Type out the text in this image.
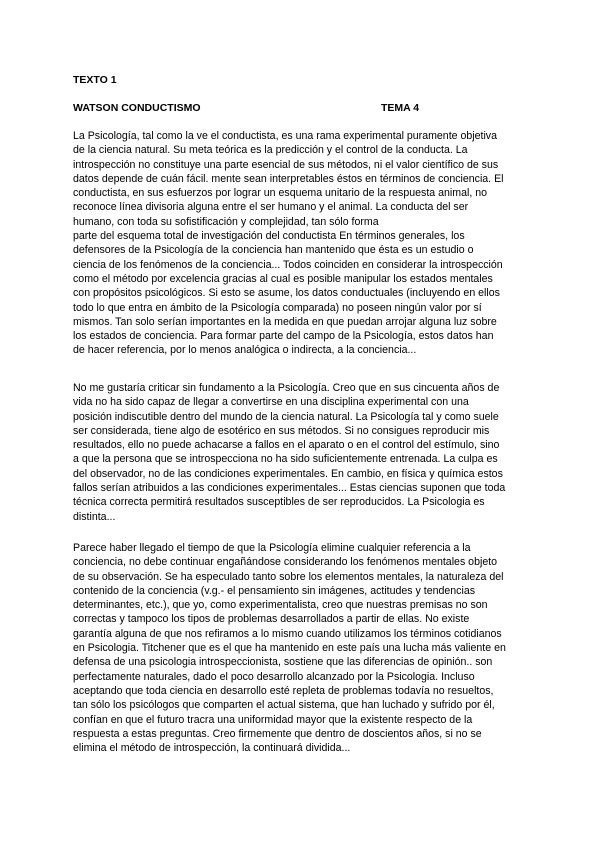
TEXTO 1
WATSON CONDUCTISMO	TEMA 4
La Psicología, tal como la ve el conductista, es una rama experimental puramente objetiva
de la ciencia natural. Su meta teórica es la predicción y el control de la conducta. La
introspección no constituye una parte esencial de sus métodos, ni el valor científico de sus
datos depende de cuán fácil. mente sean interpretables éstos en términos de conciencia. El
conductista, en sus esfuerzos por lograr un esquema unitario de la respuesta animal, no
reconoce línea divisoria alguna entre el ser humano y el animal. La conducta del ser
humano, con toda su sofistificación y complejidad, tan sólo forma
parte del esquema total de investigación del conductista En términos generales, los
defensores de la Psicología de la conciencia han mantenido que ésta es un estudio o
ciencia de los fenómenos de la conciencia... Todos coinciden en considerar la introspección
como el método por excelencia gracias al cual es posible manipular los estados mentales
con propósitos psicológicos. Si esto se asume, los datos conductuales (incluyendo en ellos
todo lo que entra en ámbito de la Psicología comparada) no poseen ningún valor por sí
mismos. Tan solo serían importantes en la medida en que puedan arrojar alguna luz sobre
los estados de conciencia. Para formar parte del campo de la Psicología, estos datos han
de hacer referencia, por lo menos analógica o indirecta, a la conciencia...
No me gustaría criticar sin fundamento a la Psicología. Creo que en sus cincuenta años de
vida no ha sido capaz de llegar a convertirse en una disciplina experimental con una
posición indiscutible dentro del mundo de la ciencia natural. La Psicología tal y como suele
ser considerada, tiene algo de esotérico en sus métodos. Si no consigues reproducir mis
resultados, ello no puede achacarse a fallos en el aparato o en el control del estímulo, sino
a que la persona que se introspecciona no ha sido suficientemente entrenada. La culpa es
del observador, no de las condiciones experimentales. En cambio, en física y química estos
fallos serían atribuidos a las condiciones experimentales... Estas ciencias suponen que toda
técnica correcta permitirá resultados susceptibles de ser reproducidos. La Psicologia es
distinta...
Parece haber llegado el tiempo de que la Psicología elimine cualquier referencia a la
conciencia, no debe continuar engañándose considerando los fenómenos mentales objeto
de su observación. Se ha especulado tanto sobre los elementos mentales, la naturaleza del
contenido de la conciencia (v.g.- el pensamiento sin imágenes, actitudes y tendencias
determinantes, etc.), que yo, como experimentalista, creo que nuestras premisas no son
correctas y tampoco los tipos de problemas desarrollados a partir de ellas. No existe
garantía alguna de que nos refiramos a lo mismo cuando utilizamos los términos cotidianos
en Psicologia. Titchener que es el que ha mantenido en este país una lucha más valiente en
defensa de una psicologia introspeccionista, sostiene que las diferencias de opinión.. son
perfectamente naturales, dado el poco desarrollo alcanzado por la Psicologia. Incluso
aceptando que toda ciencia en desarrollo esté repleta de problemas todavía no resueltos,
tan sólo los psicólogos que comparten el actual sistema, que han luchado y sufrido por él,
confían en que el futuro tracra una uniformidad mayor que la existente respecto de la
respuesta a estas preguntas. Creo firmemente que dentro de doscientos años, si no se
elimina el método de introspección, la continuará dividida...
